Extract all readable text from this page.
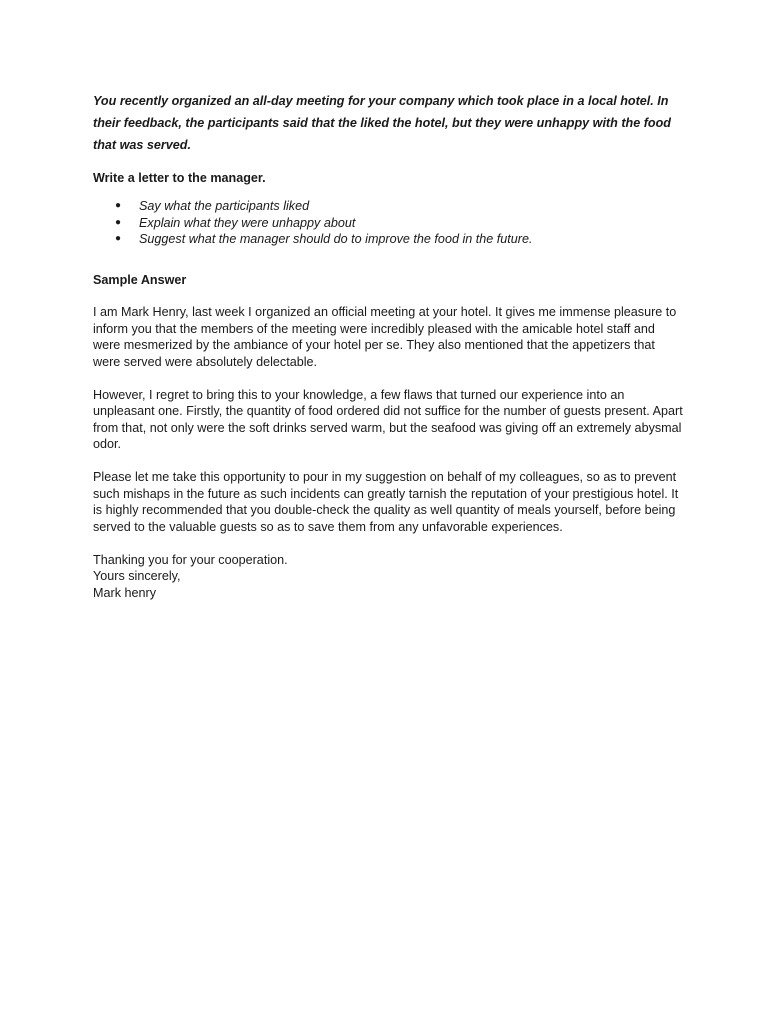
You recently organized an all-day meeting for your company which took place in a local hotel. In their feedback, the participants said that the liked the hotel, but they were unhappy with the food that was served.

Write a letter to the manager.

● Say what the participants liked
● Explain what they were unhappy about
● Suggest what the manager should do to improve the food in the future.

Sample Answer

I am Mark Henry, last week I organized an official meeting at your hotel. It gives me immense pleasure to inform you that the members of the meeting were incredibly pleased with the amicable hotel staff and were mesmerized by the ambiance of your hotel per se. They also mentioned that the appetizers that were served were absolutely delectable.

However, I regret to bring this to your knowledge, a few flaws that turned our experience into an unpleasant one. Firstly, the quantity of food ordered did not suffice for the number of guests present. Apart from that, not only were the soft drinks served warm, but the seafood was giving off an extremely abysmal odor.

Please let me take this opportunity to pour in my suggestion on behalf of my colleagues, so as to prevent such mishaps in the future as such incidents can greatly tarnish the reputation of your prestigious hotel. It is highly recommended that you double-check the quality as well quantity of meals yourself, before being served to the valuable guests so as to save them from any unfavorable experiences.

Thanking you for your cooperation.

Yours sincerely,

Mark henry
